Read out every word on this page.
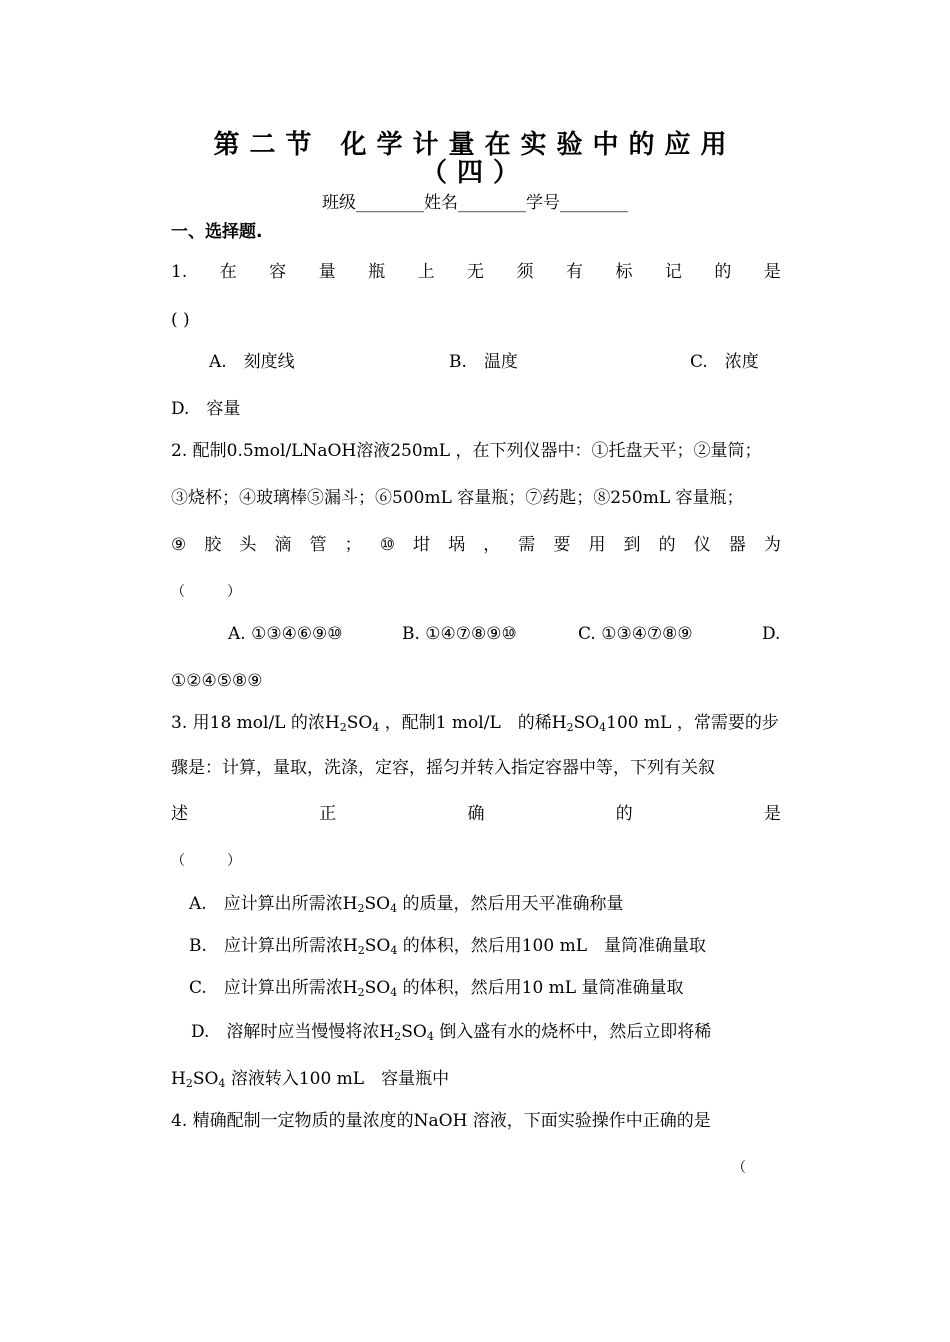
第二节 化学计量在实验中的应用
（四）
班级________姓名________学号________
一、选择题.
1. 在 容 量 瓶 上 无 须 有 标 记 的 是
( )
A.　刻度线	B.　温度	C.　浓度
D.　容量
2. 配制0.5mol/LNaOH溶液250mL ，在下列仪器中：①托盘天平；②量筒；
③烧杯；④玻璃棒⑤漏斗；⑥500mL 容量瓶；⑦药匙；⑧250mL 容量瓶；
⑨ 胶 头 滴 管 ； ⑩ 坩 埚 ， 需 要 用 到 的 仪 器 为
（　　　）
A. ①③④⑥⑨⑩	B. ①④⑦⑧⑨⑩	C. ①③④⑦⑧⑨	D.
①②④⑤⑧⑨
3. 用18 mol/L 的浓$H_2SO_4$ ，配制1 mol/L　的稀$H_2SO_4100$ mL ，常需要的步
骤是：计算，量取，洗涤，定容，摇匀并转入指定容器中等，下列有关叙
述	正	确	的	是
（　　　）
A.　应计算出所需浓$H_2SO_4$ 的质量，然后用天平准确称量
B.　应计算出所需浓$H_2SO_4$ 的体积，然后用100 mL　量筒准确量取
C.　应计算出所需浓$H_2SO_4$ 的体积，然后用10 mL 量筒准确量取
D.　溶解时应当慢慢将浓$H_2SO_4$ 倒入盛有水的烧杯中，然后立即将稀
$H_2SO_4$ 溶液转入100 mL　容量瓶中
4. 精确配制一定物质的量浓度的NaOH 溶液，下面实验操作中正确的是
（
